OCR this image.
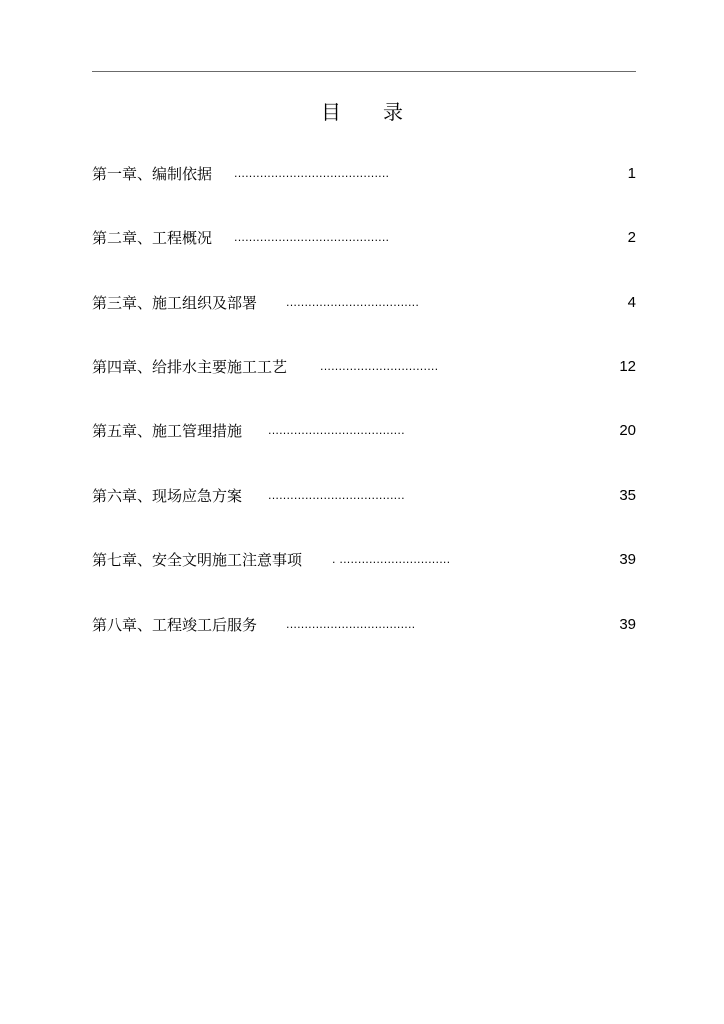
目 录
第一章、编制依据 ..........................................	1
第二章、工程概况 ..........................................	2
第三章、施工组织及部署	....................................	4
第四章、给排水主要施工工艺	................................	12
第五章、施工管理措施 .....................................	20
第六章、现场应急方案 .....................................	35
第七章、安全文明施工注意事项	. ..............................	39
第八章、工程竣工后服务	...................................	39
